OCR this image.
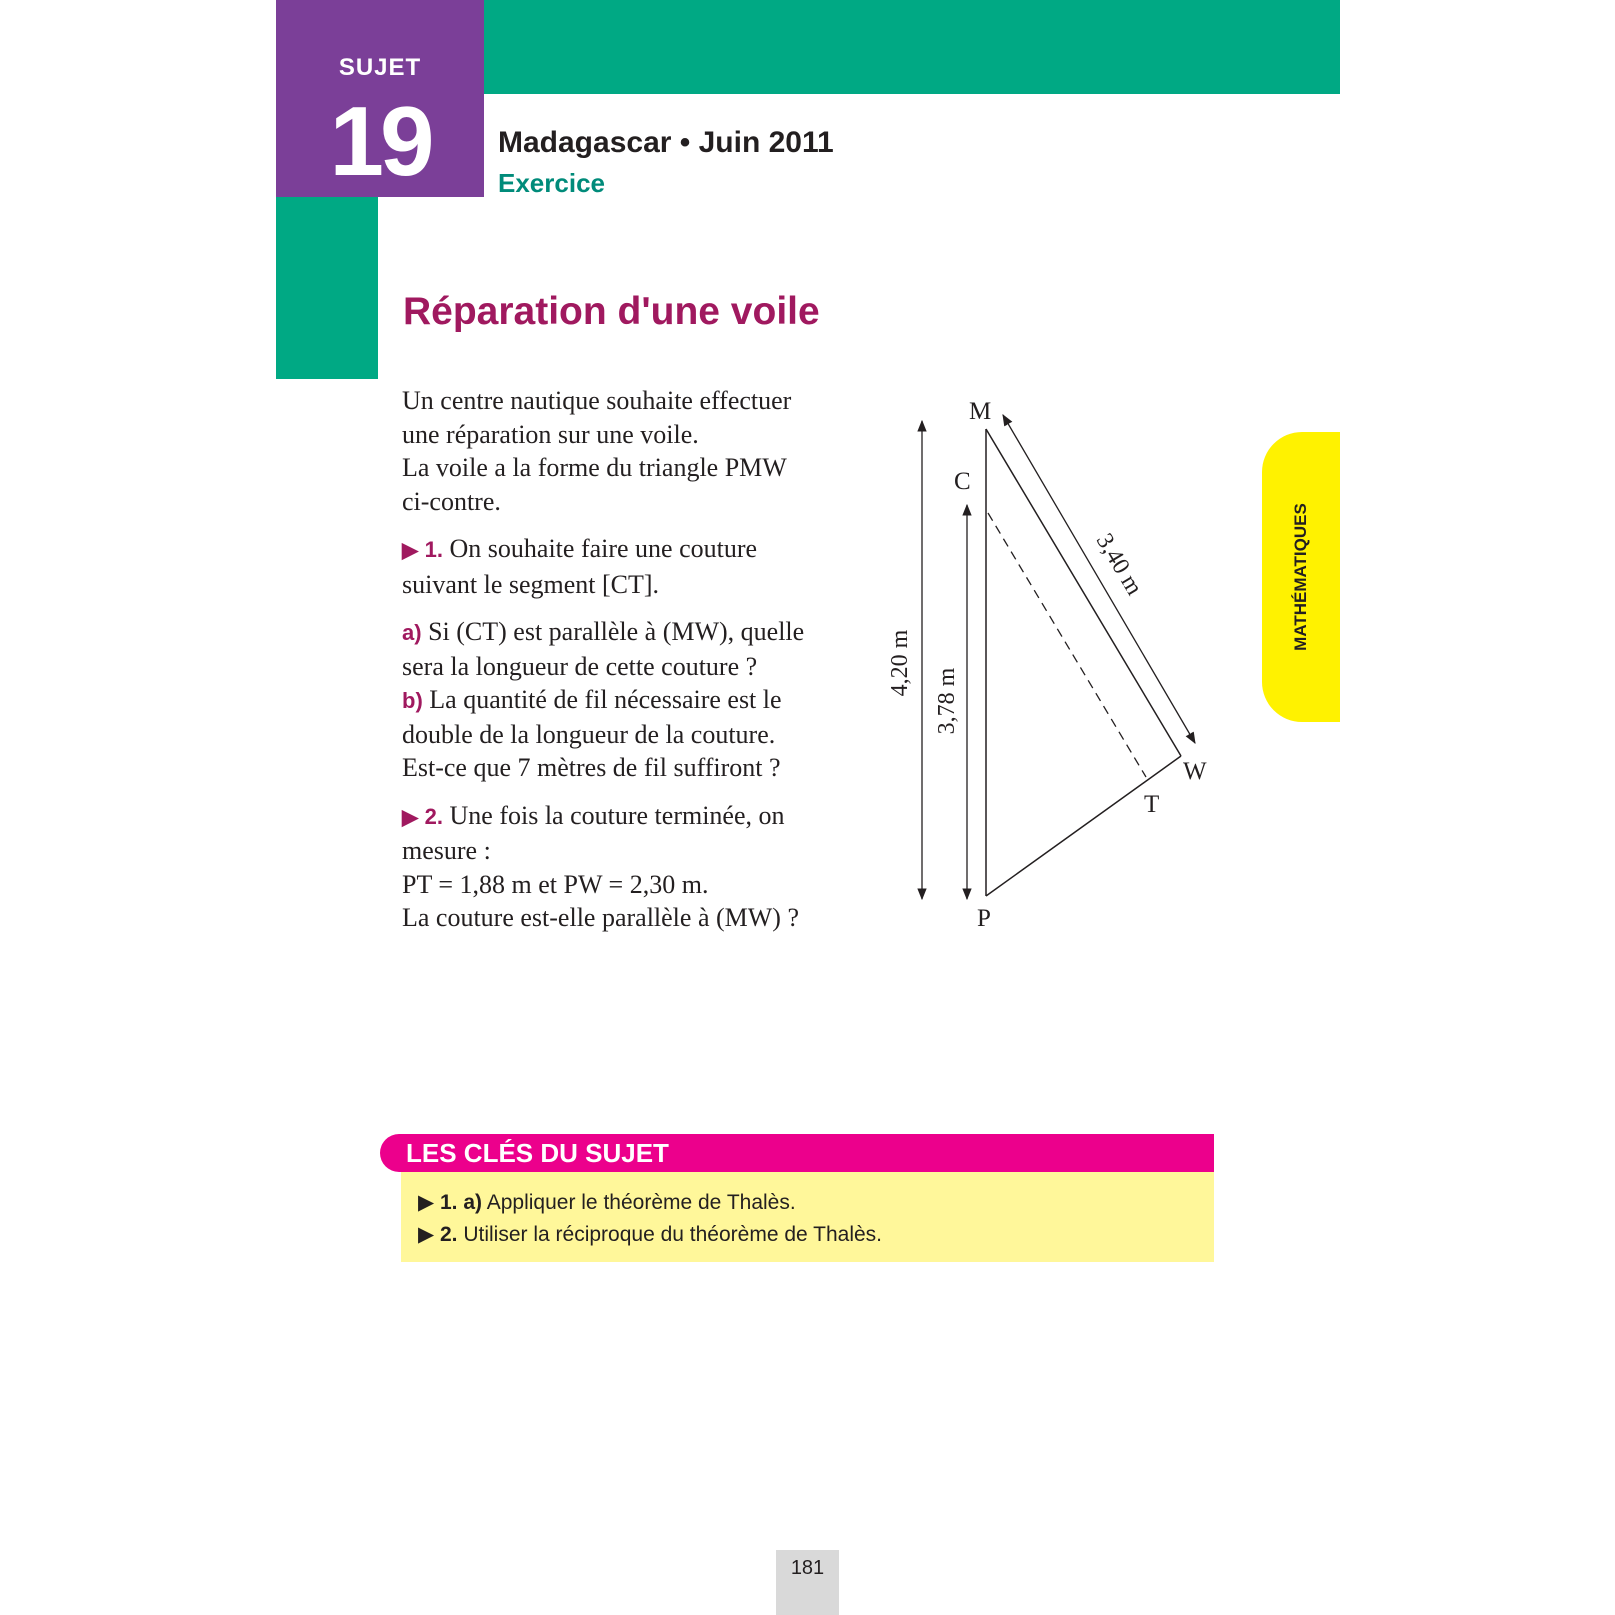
SUJET
19	Madagascar • Juin 2011
Exercice
Réparation d'une voile
MATHÉMATIQUES

Un centre nautique souhaite effectuer

une réparation sur une voile.

La voile a la forme du triangle PMW

ci-contre.

▶ 1. On souhaite faire une couture

suivant le segment [CT].

a) Si (CT) est parallèle à (MW), quelle

sera la longueur de cette couture ?

b) La quantité de fil nécessaire est le

double de la longueur de la couture.

Est-ce que 7 mètres de fil suffiront ?

▶ 2. Une fois la couture terminée, on

mesure :

PT = 1,88 m et PW = 2,30 m.

La couture est-elle parallèle à (MW) ?

M
C
W
T
P
4,20 m
3,78 m
3,40 m
LES CLÉS DU SUJET
▶ 1. a) Appliquer le théorème de Thalès.
▶ 2. Utiliser la réciproque du théorème de Thalès.
181
